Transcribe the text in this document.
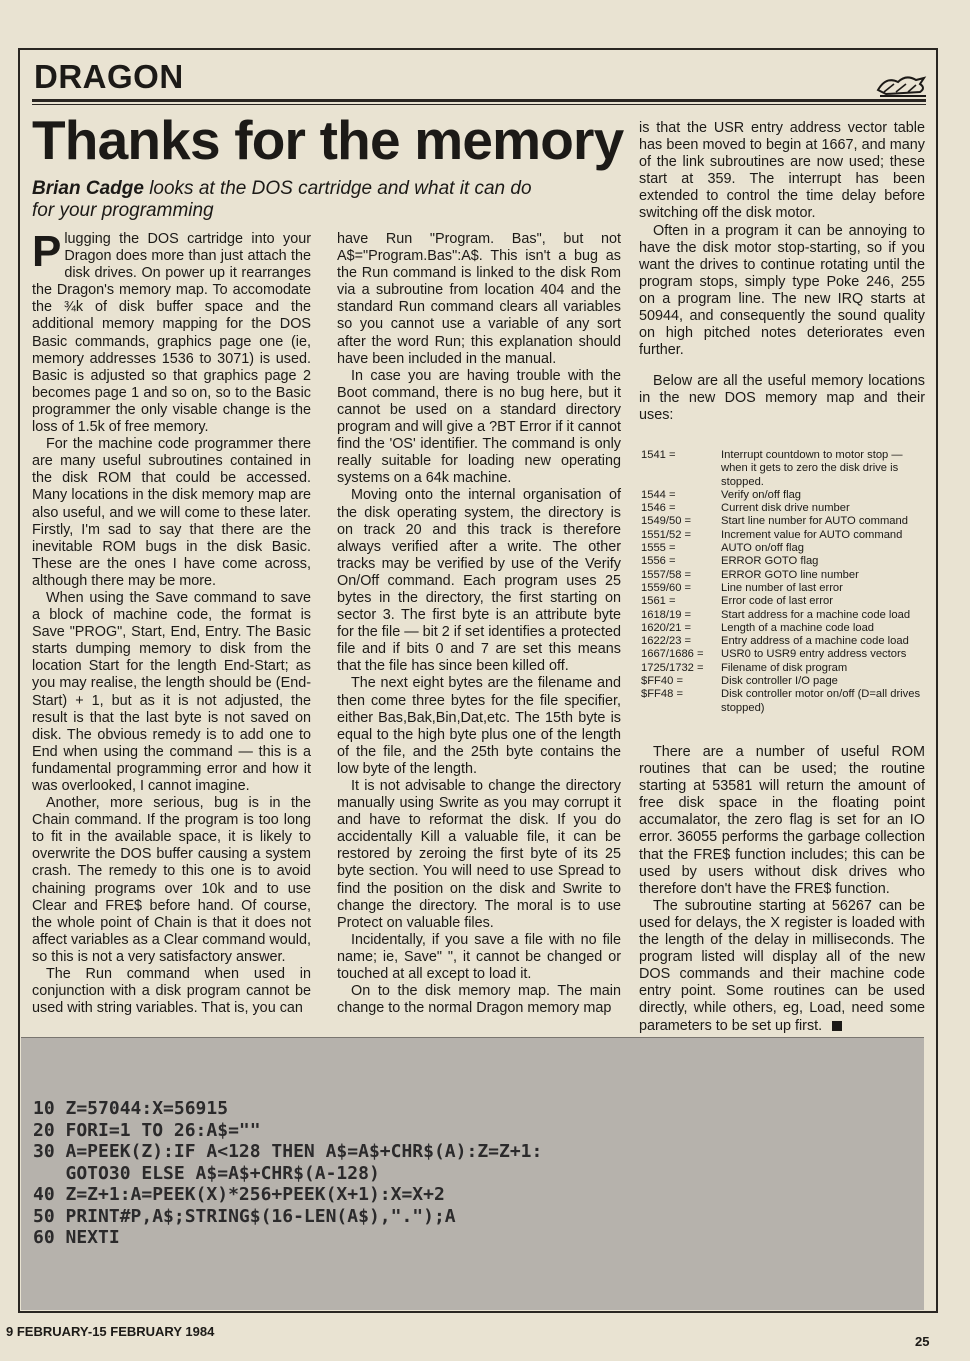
DRAGON
Thanks for the memory
Brian Cadge looks at the DOS cartridge and what it can do for your programming

Plugging the DOS cartridge into your Dragon does more than just attach the disk drives. On power up it rearranges the Dragon's memory map. To accomodate the ¾k of disk buffer space and the additional memory mapping for the DOS Basic commands, graphics page one (ie, memory addresses 1536 to 3071) is used. Basic is adjusted so that graphics page 2 becomes page 1 and so on, so to the Basic programmer the only visable change is the loss of 1.5k of free memory.

For the machine code programmer there are many useful subroutines contained in the disk ROM that could be accessed. Many locations in the disk memory map are also useful, and we will come to these later. Firstly, I'm sad to say that there are the inevitable ROM bugs in the disk Basic. These are the ones I have come across, although there may be more.

When using the Save command to save a block of machine code, the format is Save "PROG", Start, End, Entry. The Basic starts dumping memory to disk from the location Start for the length End-Start; as you may realise, the length should be (End-Start) + 1, but as it is not adjusted, the result is that the last byte is not saved on disk. The obvious remedy is to add one to End when using the command — this is a fundamental programming error and how it was overlooked, I cannot imagine.

Another, more serious, bug is in the Chain command. If the program is too long to fit in the available space, it is likely to overwrite the DOS buffer causing a system crash. The remedy to this one is to avoid chaining programs over 10k and to use Clear and FRE$ before hand. Of course, the whole point of Chain is that it does not affect variables as a Clear command would, so this is not a very satisfactory answer.

The Run command when used in conjunction with a disk program cannot be used with string variables. That is, you can

have Run "Program. Bas", but not A$="Program.Bas":A$. This isn't a bug as the Run command is linked to the disk Rom via a subroutine from location 404 and the standard Run command clears all variables so you cannot use a variable of any sort after the word Run; this explanation should have been included in the manual.

In case you are having trouble with the Boot command, there is no bug here, but it cannot be used on a standard directory program and will give a ?BT Error if it cannot find the 'OS' identifier. The command is only really suitable for loading new operating systems on a 64k machine.

Moving onto the internal organisation of the disk operating system, the directory is on track 20 and this track is therefore always verified after a write. The other tracks may be verified by use of the Verify On/Off command. Each program uses 25 bytes in the directory, the first starting on sector 3. The first byte is an attribute byte for the file — bit 2 if set identifies a protected file and if bits 0 and 7 are set this means that the file has since been killed off.

The next eight bytes are the filename and then come three bytes for the file specifier, either Bas,Bak,Bin,Dat,etc. The 15th byte is equal to the high byte plus one of the length of the file, and the 25th byte contains the low byte of the length.

It is not advisable to change the directory manually using Swrite as you may corrupt it and have to reformat the disk. If you do accidentally Kill a valuable file, it can be restored by zeroing the first byte of its 25 byte section. You will need to use Spread to find the position on the disk and Swrite to change the directory. The moral is to use Protect on valuable files.

Incidentally, if you save a file with no file name; ie, Save" ", it cannot be changed or touched at all except to load it.

On to the disk memory map. The main change to the normal Dragon memory map

is that the USR entry address vector table has been moved to begin at 1667, and many of the link subroutines are now used; these start at 359. The interrupt has been extended to control the time delay before switching off the disk motor.

Often in a program it can be annoying to have the disk motor stop-starting, so if you want the drives to continue rotating until the program stops, simply type Poke 246, 255 on a program line. The new IRQ starts at 50944, and consequently the sound quality on high pitched notes deteriorates even further.

Below are all the useful memory locations in the new DOS memory map and their uses:

1541 =	Interrupt countdown to motor stop — when it gets to zero the disk drive is stopped.
1544 =	Verify on/off flag
1546 =	Current disk drive number
1549/50 =	Start line number for AUTO command
1551/52 =	Increment value for AUTO command
1555 =	AUTO on/off flag
1556 =	ERROR GOTO flag
1557/58 =	ERROR GOTO line number
1559/60 =	Line number of last error
1561 =	Error code of last error
1618/19 =	Start address for a machine code load
1620/21 =	Length of a machine code load
1622/23 =	Entry address of a machine code load
1667/1686 =	USR0 to USR9 entry address vectors
1725/1732 =	Filename of disk program
$FF40 =	Disk controller I/O page
$FF48 =	Disk controller motor on/off (D=all drives stopped)

There are a number of useful ROM routines that can be used; the routine starting at 53581 will return the amount of free disk space in the floating point accumalator, the zero flag is set for an IO error. 36055 performs the garbage collection that the FRE$ function includes; this can be used by users without disk drives who therefore don't have the FRE$ function.

The subroutine starting at 56267 can be used for delays, the X register is loaded with the length of the delay in milliseconds. The program listed will display all of the new DOS commands and their machine code entry point. Some routines can be used directly, while others, eg, Load, need some parameters to be set up first.

10 Z=57044:X=56915
20 FORI=1 TO 26:A$=""
30 A=PEEK(Z):IF A<128 THEN A$=A$+CHR$(A):Z=Z+1:
GOTO30 ELSE A$=A$+CHR$(A-128)
40 Z=Z+1:A=PEEK(X)*256+PEEK(X+1):X=X+2
50 PRINT#P,A$;STRING$(16-LEN(A$),".");A
60 NEXTI
9 FEBRUARY-15 FEBRUARY 1984
25
